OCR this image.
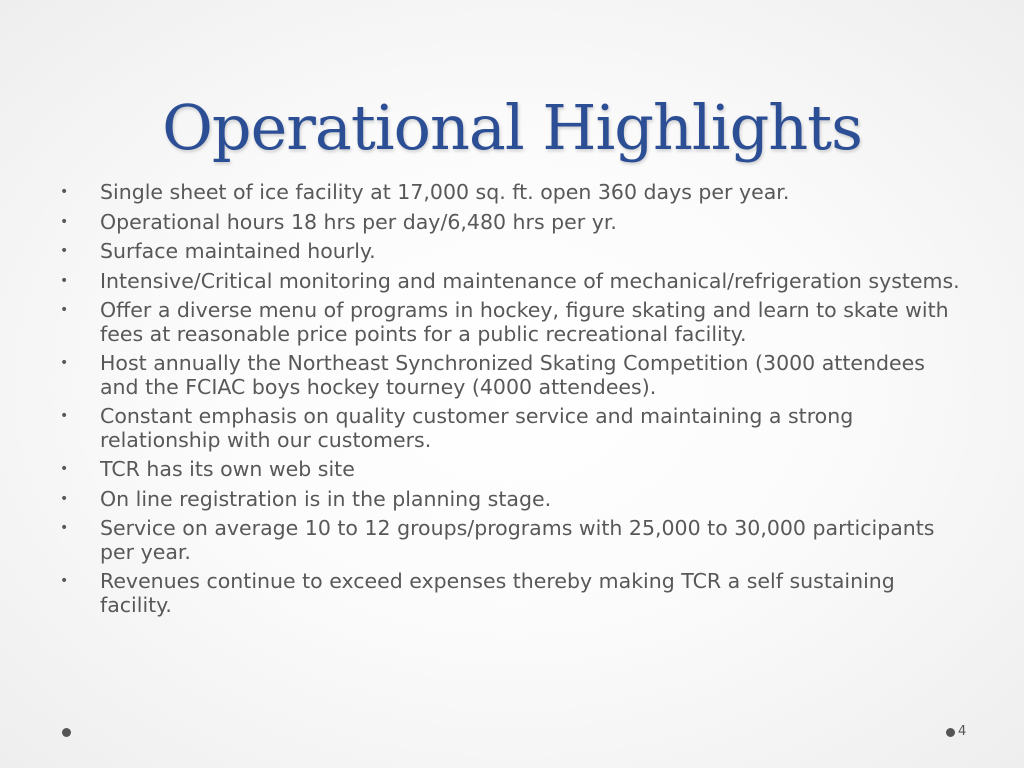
Operational Highlights
• Single sheet of ice facility at 17,000 sq. ft. open 360 days per year.
• Operational hours 18 hrs per day/6,480 hrs per yr.
• Surface maintained hourly.
• Intensive/Critical monitoring and maintenance of mechanical/refrigeration systems.
• Offer a diverse menu of programs in hockey, figure skating and learn to skate with fees at reasonable price points for a public recreational facility.
• Host annually the Northeast Synchronized Skating Competition (3000 attendees and the FCIAC boys hockey tourney (4000 attendees).
• Constant emphasis on quality customer service and maintaining a strong relationship with our customers.
• TCR has its own web site
• On line registration is in the planning stage.
• Service on average 10 to 12 groups/programs with 25,000 to 30,000 participants per year.
• Revenues continue to exceed expenses thereby making TCR a self sustaining facility.
4
